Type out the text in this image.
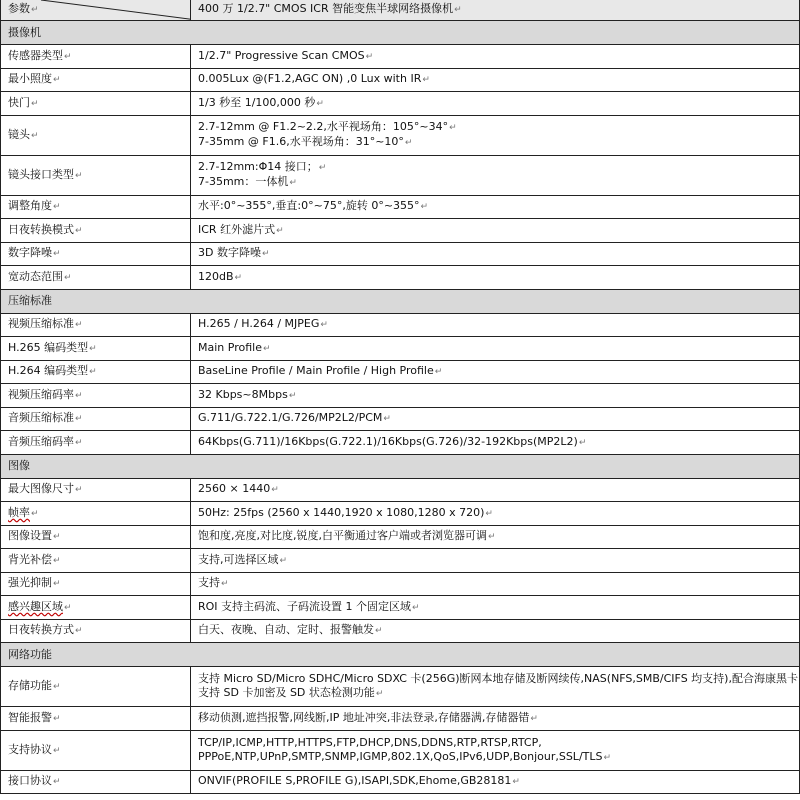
参数↵	400 万 1/2.7" CMOS ICR 智能变焦半球网络摄像机↵
摄像机	
传感器类型↵	1/2.7" Progressive Scan CMOS↵
最小照度↵	0.005Lux @(F1.2,AGC ON) ,0 Lux with IR↵
快门↵	1/3 秒至 1/100,000 秒↵
镜头↵	2.7-12mm @ F1.2~2.2,水平视场角：105°~34°↵
7-35mm @ F1.6,水平视场角：31°~10°↵
镜头接口类型↵	2.7-12mm:Φ14 接口；↵
7-35mm：一体机↵
调整角度↵	水平:0°~355°,垂直:0°~75°,旋转 0°~355°↵
日夜转换模式↵	ICR 红外滤片式↵
数字降噪↵	3D 数字降噪↵
宽动态范围↵	120dB↵
压缩标准	
视频压缩标准↵	H.265 / H.264 / MJPEG↵
H.265 编码类型↵	Main Profile↵
H.264 编码类型↵	BaseLine Profile / Main Profile / High Profile↵
视频压缩码率↵	32 Kbps~8Mbps↵
音频压缩标准↵	G.711/G.722.1/G.726/MP2L2/PCM↵
音频压缩码率↵	64Kbps(G.711)/16Kbps(G.722.1)/16Kbps(G.726)/32-192Kbps(MP2L2)↵
图像	
最大图像尺寸↵	2560 × 1440↵
帧率↵	50Hz: 25fps (2560 x 1440,1920 x 1080,1280 x 720)↵
图像设置↵	饱和度,亮度,对比度,锐度,白平衡通过客户端或者浏览器可调↵
背光补偿↵	支持,可选择区域↵
强光抑制↵	支持↵
感兴趣区域↵	ROI 支持主码流、子码流设置 1 个固定区域↵
日夜转换方式↵	白天、夜晚、自动、定时、报警触发↵
网络功能	
存储功能↵	支持 Micro SD/Micro SDHC/Micro SDXC 卡(256G)断网本地存储及断网续传,NAS(NFS,SMB/CIFS 均支持),配合海康黑卡支持 SD 卡加密及 SD 状态检测功能↵
智能报警↵	移动侦测,遮挡报警,网线断,IP 地址冲突,非法登录,存储器满,存储器错↵
支持协议↵	TCP/IP,ICMP,HTTP,HTTPS,FTP,DHCP,DNS,DDNS,RTP,RTSP,RTCP, PPPoE,NTP,UPnP,SMTP,SNMP,IGMP,802.1X,QoS,IPv6,UDP,Bonjour,SSL/TLS↵
接口协议↵	ONVIF(PROFILE S,PROFILE G),ISAPI,SDK,Ehome,GB28181↵
